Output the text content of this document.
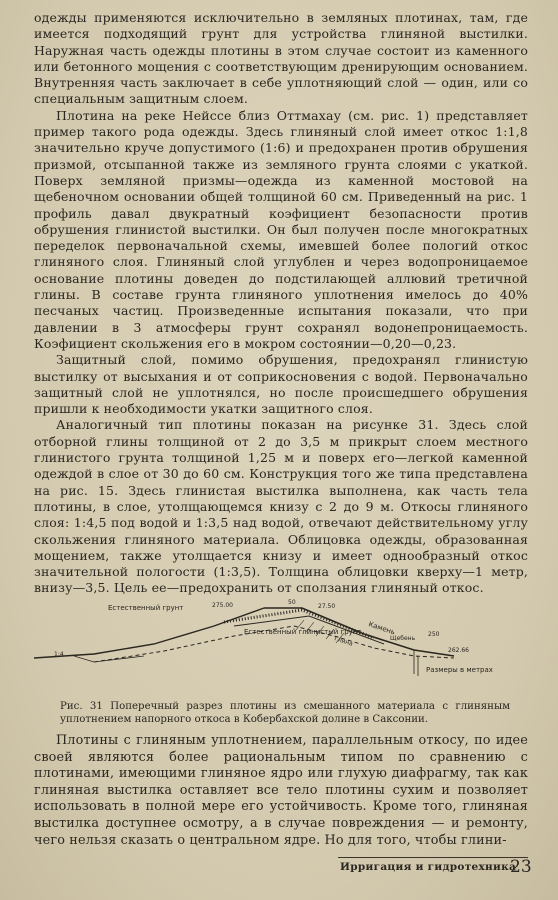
одежды применяются исключительно в земляных плотинах, там, где имеется подходящий грунт для устройства глиняной выстилки. Наружная часть одежды плотины в этом случае состоит из каменного или бетонного мощения с соответствующим дренирующим основанием. Внутренняя часть заключает в себе уплотняющий слой — один, или со специальным защитным слоем.

Плотина на реке Нейссе близ Оттмахау (см. рис. 1) представляет пример такого рода одежды. Здесь глиняный слой имеет откос 1:1,8 значительно круче допустимого (1:6) и предохранен против обрушения призмой, отсыпанной также из земляного грунта слоями с укаткой. Поверх земляной призмы—одежда из каменной мостовой на щебеночном основании общей толщиной 60 см. Приведенный на рис. 1 профиль давал двукратный коэфициент безопасности против обрушения глинистой выстилки. Он был получен после многократных переделок первоначальной схемы, имевшей более пологий откос глиняного слоя. Глиняный слой углублен и через водопроницаемое основание плотины доведен до подстилающей аллювий третичной глины. В составе грунта глиняного уплотнения имелось до 40% песчаных частиц. Произведенные испытания показали, что при давлении в 3 атмосферы грунт сохранял водонепроницаемость. Коэфициент скольжения его в мокром состоянии—0,20—0,23.

Защитный слой, помимо обрушения, предохранял глинистую выстилку от высыхания и от соприкосновения с водой. Первоначально защитный слой не уплотнялся, но после происшедшего обрушения пришли к необходимости укатки защитного слоя.

Аналогичный тип плотины показан на рисунке 31. Здесь слой отборной глины толщиной от 2 до 3,5 м прикрыт слоем местного глинистого грунта толщиной 1,25 м и поверх его—легкой каменной одеждой в слое от 30 до 60 см. Конструкция того же типа представлена на рис. 15. Здесь глинистая выстилка выполнена, как часть тела плотины, в слое, утолщающемся книзу с 2 до 9 м. Откосы глиняного слоя: 1:4,5 под водой и 1:3,5 над водой, отвечают действительному углу скольжения глиняного материала. Облицовка одежды, образованная мощением, также утолщается книзу и имеет однообразный откос значительной пологости (1:3,5). Толщина облицовки кверху—1 метр, внизу—3,5. Цель ее—предохранить от сползания глиняный откос.

Естественный грунт	275.00	27.50
50
Естественный глинистый грунт Камень
Глина	Щебень
262.66
250
1:4
Размеры в метрах
Рис. 31 Поперечный разрез плотины из смешанного материала с глиняным уплотнением напорного откоса в Кобербахской долине в Саксонии.

Плотины с глиняным уплотнением, параллельным откосу, по идее своей являются более рациональным типом по сравнению с плотинами, имеющими глиняное ядро или глухую диафрагму, так как глиняная выстилка оставляет все тело плотины сухим и позволяет использовать в полной мере его устойчивость. Кроме того, глиняная выстилка доступнее осмотру, а в случае повреждения — и ремонту, чего нельзя сказать о центральном ядре. Но для того, чтобы глини-

Ирригация и гидротехника
23
